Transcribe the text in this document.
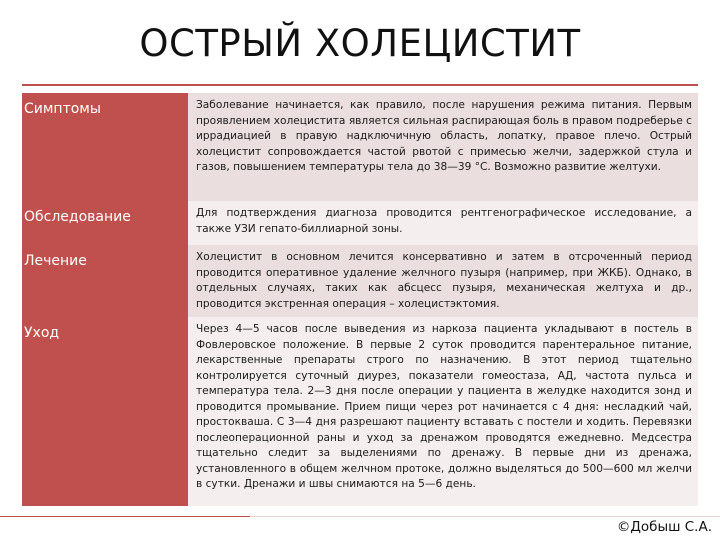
ОСТРЫЙ ХОЛЕЦИСТИТ
Симптомы	Заболевание начинается, как правило, после нарушения режима питания. Первым проявлением холецистита является сильная распирающая боль в правом подреберье с иррадиацией в правую надключичную область, лопатку, правое плечо. Острый холецистит сопровождается частой рвотой с примесью желчи, задержкой стула и газов, повышением температуры тела до 38—39 °С. Возможно развитие желтухи.
Обследование	Для подтверждения диагноза проводится рентгенографическое исследование, а также УЗИ гепато-биллиарной зоны.
Лечение	Холецистит в основном лечится консервативно и затем в отсроченный период проводится оперативное удаление желчного пузыря (например, при ЖКБ). Однако, в отдельных случаях, таких как абсцесс пузыря, механическая желтуха и др., проводится экстренная операция – холецистэктомия.
Уход	Через 4—5 часов после выведения из наркоза пациента укладывают в постель в Фовлеровское положение. В первые 2 суток проводится парентеральное питание, лекарственные препараты строго по назначению. В этот период тщательно контролируется суточный диурез, показатели гомеостаза, АД, частота пульса и температура тела. 2—3 дня после операции у пациента в желудке находится зонд и проводится промывание. Прием пищи через рот начинается с 4 дня: несладкий чай, простокваша. С 3—4 дня разрешают пациенту вставать с постели и ходить. Перевязки послеоперационной раны и уход за дренажом проводятся ежедневно. Медсестра тщательно следит за выделениями по дренажу. В первые дни из дренажа, установленного в общем желчном протоке, должно выделяться до 500—600 мл желчи в сутки. Дренажи и швы снимаются на 5—6 день.
©Добыш С.А.
